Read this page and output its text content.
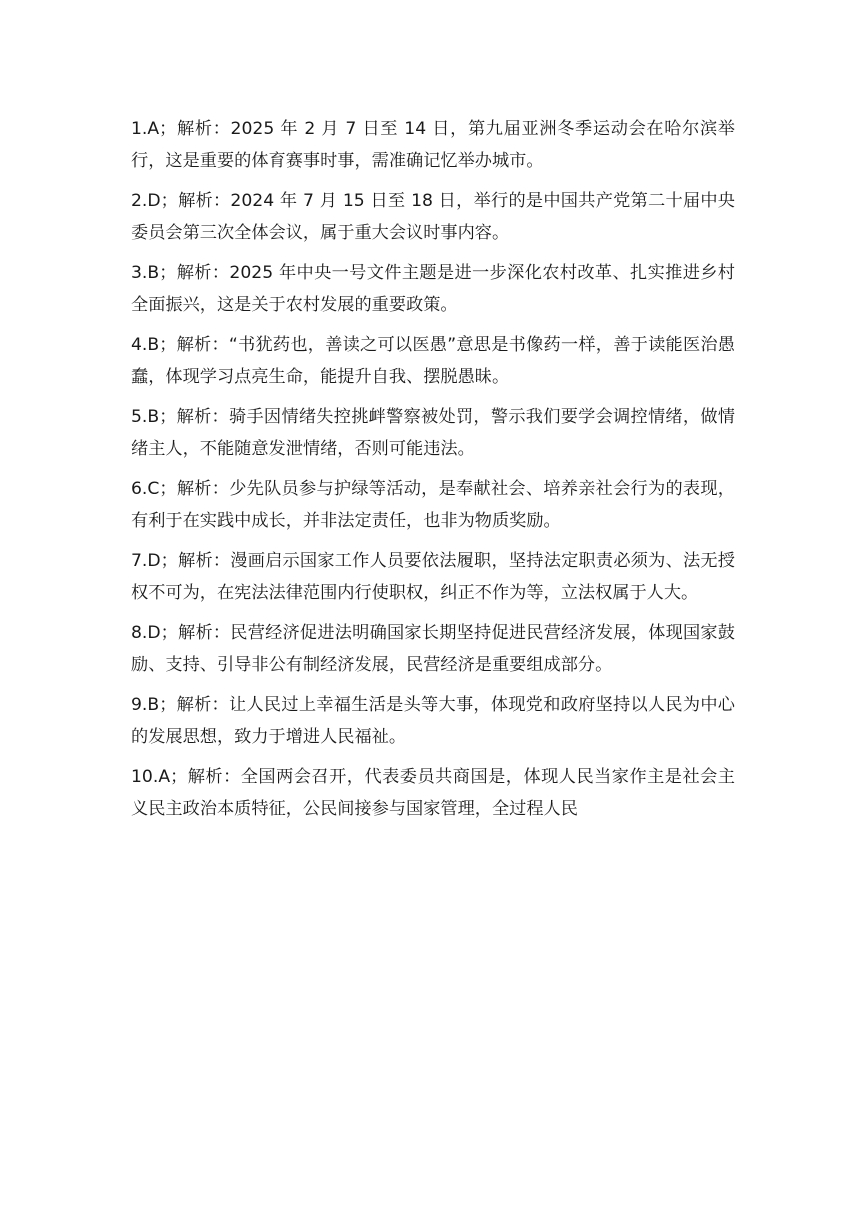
1.A；解析：2025 年 2 月 7 日至 14 日，第九届亚洲冬季运动会在哈尔滨举行，这是重要的体育赛事时事，需准确记忆举办城市。

2.D；解析：2024 年 7 月 15 日至 18 日，举行的是中国共产党第二十届中央委员会第三次全体会议，属于重大会议时事内容。

3.B；解析：2025 年中央一号文件主题是进一步深化农村改革、扎实推进乡村全面振兴，这是关于农村发展的重要政策。

4.B；解析：“书犹药也，善读之可以医愚”意思是书像药一样，善于读能医治愚蠢，体现学习点亮生命，能提升自我、摆脱愚昧。

5.B；解析：骑手因情绪失控挑衅警察被处罚，警示我们要学会调控情绪，做情绪主人，不能随意发泄情绪，否则可能违法。

6.C；解析：少先队员参与护绿等活动，是奉献社会、培养亲社会行为的表现，有利于在实践中成长，并非法定责任，也非为物质奖励。

7.D；解析：漫画启示国家工作人员要依法履职，坚持法定职责必须为、法无授权不可为，在宪法法律范围内行使职权，纠正不作为等，立法权属于人大。

8.D；解析：民营经济促进法明确国家长期坚持促进民营经济发展，体现国家鼓励、支持、引导非公有制经济发展，民营经济是重要组成部分。

9.B；解析：让人民过上幸福生活是头等大事，体现党和政府坚持以人民为中心的发展思想，致力于增进人民福祉。

10.A；解析：全国两会召开，代表委员共商国是，体现人民当家作主是社会主义民主政治本质特征，公民间接参与国家管理，全过程人民
